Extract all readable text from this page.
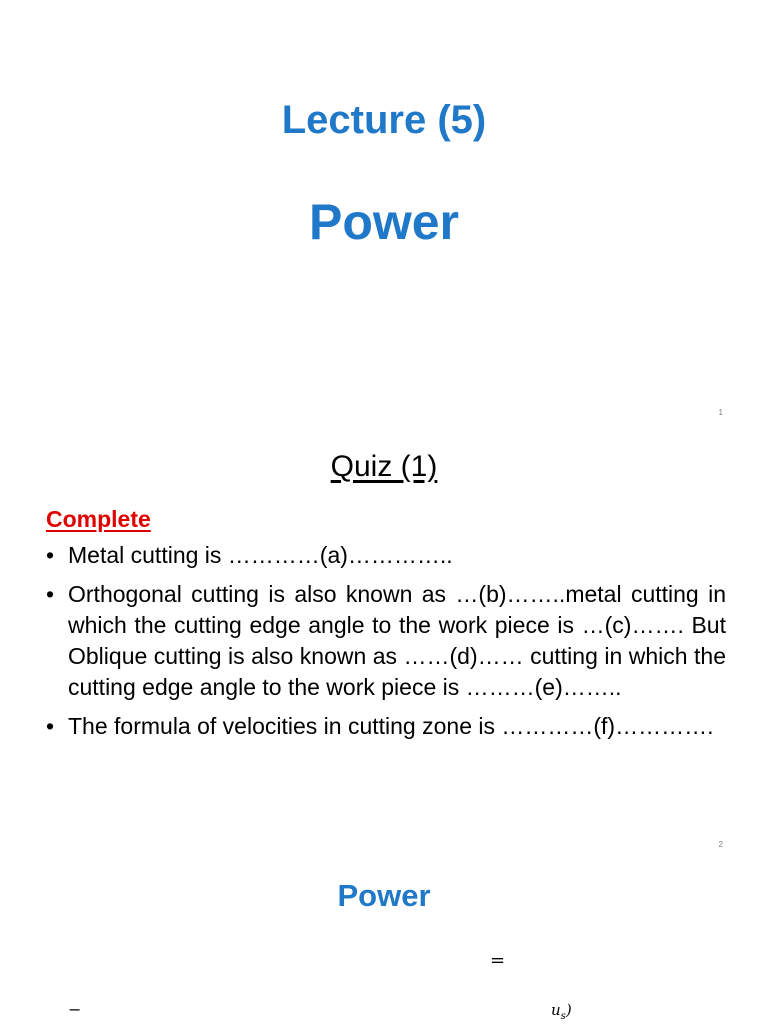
Lecture (5)
Power
1
Quiz (1)
Complete
• Metal cutting is …………(a)…………..
• Orthogonal cutting is also known as …(b)……..metal cutting in which the cutting edge angle to the work piece is …(c)……. But Oblique cutting is also known as ……(d)…… cutting in which the cutting edge angle to the work piece is ………(e)……..
• The formula of velocities in cutting zone is …………(f)………….
2
Power
=
−	$u_s$)
